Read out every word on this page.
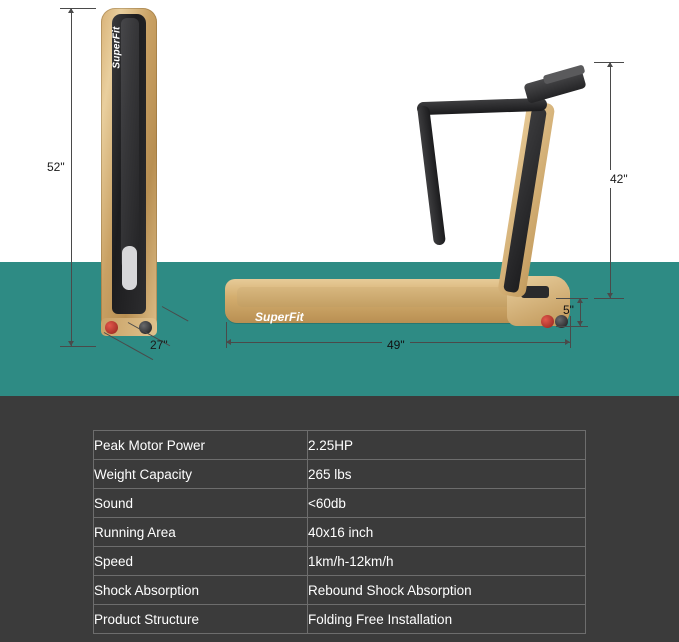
SuperFit
SuperFit
SuperFit
52"
27"	49"
42"
5"
Peak Motor Power	2.25HP
Weight Capacity	265 lbs
Sound	<60db
Running Area	40x16 inch
Speed	1km/h-12km/h
Shock Absorption	Rebound Shock Absorption
Product Structure	Folding Free Installation
